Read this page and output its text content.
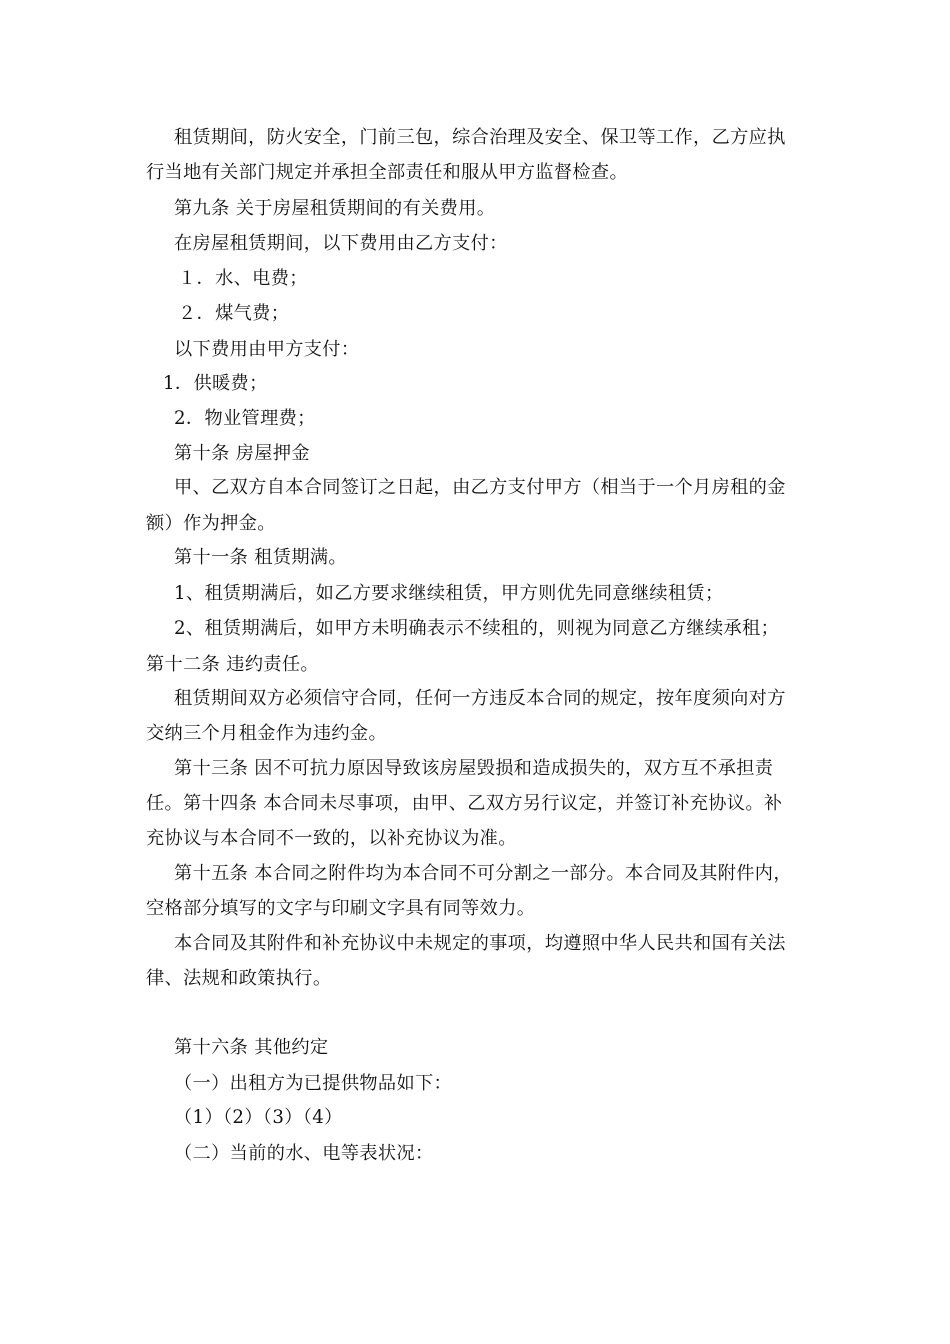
租赁期间，防火安全，门前三包，综合治理及安全、保卫等工作，乙方应执
行当地有关部门规定并承担全部责任和服从甲方监督检查。
第九条 关于房屋租赁期间的有关费用。
在房屋租赁期间，以下费用由乙方支付：
１．水、电费；
２．煤气费；
以下费用由甲方支付：
1．供暖费；
2．物业管理费；
第十条 房屋押金
甲、乙双方自本合同签订之日起，由乙方支付甲方（相当于一个月房租的金
额）作为押金。
第十一条 租赁期满。
1、租赁期满后，如乙方要求继续租赁，甲方则优先同意继续租赁；
2、租赁期满后，如甲方未明确表示不续租的，则视为同意乙方继续承租；
第十二条 违约责任。
租赁期间双方必须信守合同，任何一方违反本合同的规定，按年度须向对方
交纳三个月租金作为违约金。
第十三条 因不可抗力原因导致该房屋毁损和造成损失的，双方互不承担责
任。第十四条 本合同未尽事项，由甲、乙双方另行议定，并签订补充协议。补
充协议与本合同不一致的，以补充协议为准。
第十五条 本合同之附件均为本合同不可分割之一部分。本合同及其附件内，
空格部分填写的文字与印刷文字具有同等效力。
本合同及其附件和补充协议中未规定的事项，均遵照中华人民共和国有关法
律、法规和政策执行。
第十六条 其他约定
（一）出租方为已提供物品如下：
（1）（2）（3）（4）
（二）当前的水、电等表状况：
